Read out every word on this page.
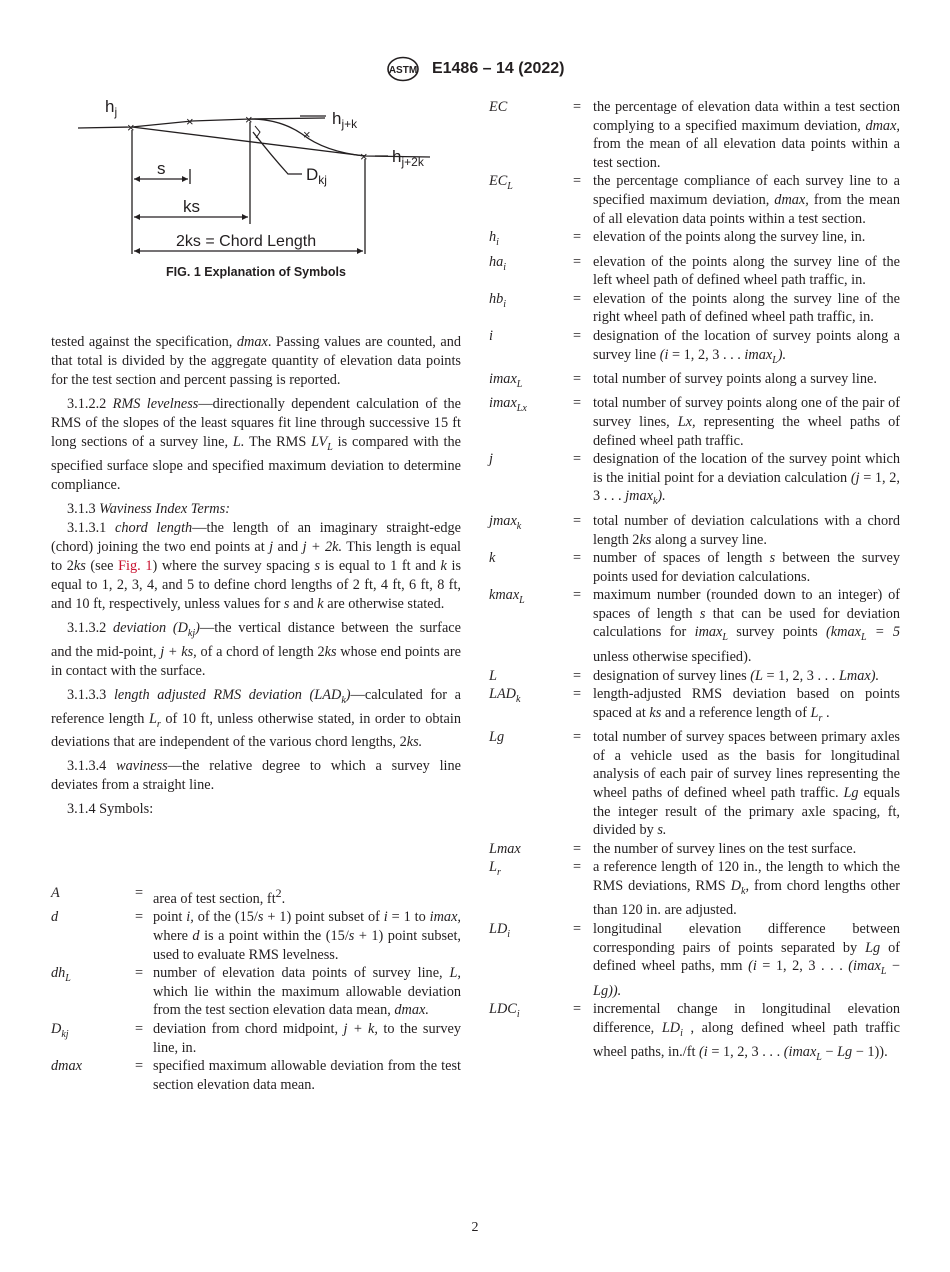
ASTM E1486 – 14 (2022)
×	×	×
×
×
$h_j$	$h_{j+k}$
$h_{j+2k}$
$D_{kj}$
s
ks
2ks = Chord Length
FIG. 1 Explanation of Symbols

tested against the specification, dmax. Passing values are counted, and that total is divided by the aggregate quantity of elevation data points for the test section and percent passing is reported.

3.1.2.2 RMS levelness—directionally dependent calculation of the RMS of the slopes of the least squares fit line through successive 15 ft long sections of a survey line, L. The RMS $LV_L$ is compared with the specified surface slope and specified maximum deviation to determine compliance.

3.1.3 Waviness Index Terms:

3.1.3.1 chord length—the length of an imaginary straight-edge (chord) joining the two end points at j and j + 2k. This length is equal to 2ks (see Fig. 1) where the survey spacing s is equal to 1 ft and k is equal to 1, 2, 3, 4, and 5 to define chord lengths of 2 ft, 4 ft, 6 ft, 8 ft, and 10 ft, respectively, unless values for s and k are otherwise stated.

3.1.3.2 deviation $(D_{kj})—the$ vertical distance between the surface and the mid-point, j + ks, of a chord of length 2ks whose end points are in contact with the surface.

3.1.3.3 length adjusted RMS deviation $(LAD_k)—calculated$ for a reference length $L_r$ of 10 ft, unless otherwise stated, in order to obtain deviations that are independent of the various chord lengths, 2ks.

3.1.3.4 waviness—the relative degree to which a survey line deviates from a straight line.

3.1.4 Symbols:

A	= area of test section, $ft^2$.
d	= point i, of the (15/s + 1) point subset of i = 1 to imax, where d is a point within the (15/s + 1) point subset, used to evaluate RMS levelness.
$dh_L$	= number of elevation data points of survey line, L, which lie within the maximum allowable deviation from the test section elevation data mean, dmax.
$D_{kj}$	= deviation from chord midpoint, j + k, to the survey line, in.
dmax	= specified maximum allowable deviation from the test section elevation data mean.
EC	= the percentage of elevation data within a test section complying to a specified maximum deviation, dmax, from the mean of all elevation data points within a test section.
$EC_L$	= the percentage compliance of each survey line to a specified maximum deviation, dmax, from the mean of all elevation data points within a test section.
$h_i$	= elevation of the points along the survey line, in.
$ha_i$	= elevation of the points along the survey line of the left wheel path of defined wheel path traffic, in.
$hb_i$	= elevation of the points along the survey line of the right wheel path of defined wheel path traffic, in.
i	= designation of the location of survey points along a survey line (i = 1, 2, 3 . . . imax$_L$).
imax$_L$	= total number of survey points along a survey line.
imax$_{Lx}$	= total number of survey points along one of the pair of survey lines, Lx, representing the wheel paths of defined wheel path traffic.
j	= designation of the location of the survey point which is the initial point for a deviation calculation (j = 1, 2, 3 . . . jmax$_k$).
jmax$_k$	= total number of deviation calculations with a chord length 2ks along a survey line.
k	= number of spaces of length s between the survey points used for deviation calculations.
kmax$_L$	= maximum number (rounded down to an integer) of spaces of length s that can be used for deviation calculations for imax$_L$ survey points (kmax$_L$ = 5 unless otherwise specified).
L	= designation of survey lines (L = 1, 2, 3 . . . Lmax).
$LAD_k$	= length-adjusted RMS deviation based on points spaced at ks and a reference length of $L_r$ .
Lg	= total number of survey spaces between primary axles of a vehicle used as the basis for longitudinal analysis of each pair of survey lines representing the wheel paths of defined wheel path traffic. Lg equals the integer result of the primary axle spacing, ft, divided by s.
Lmax	= the number of survey lines on the test surface.
$L_r$	= a reference length of 120 in., the length to which the RMS deviations, RMS $D_k$, from chord lengths other than 120 in. are adjusted.
$LD_i$	= longitudinal elevation difference between corresponding pairs of points separated by Lg of defined wheel paths, mm (i = 1, 2, 3 . . . (imax$_L$ − Lg)).
$LDC_i$	= incremental change in longitudinal elevation difference, $LD_i$ , along defined wheel path traffic wheel paths, in./ft (i = 1, 2, 3 . . . (imax$_L$ − Lg − 1)).
2
